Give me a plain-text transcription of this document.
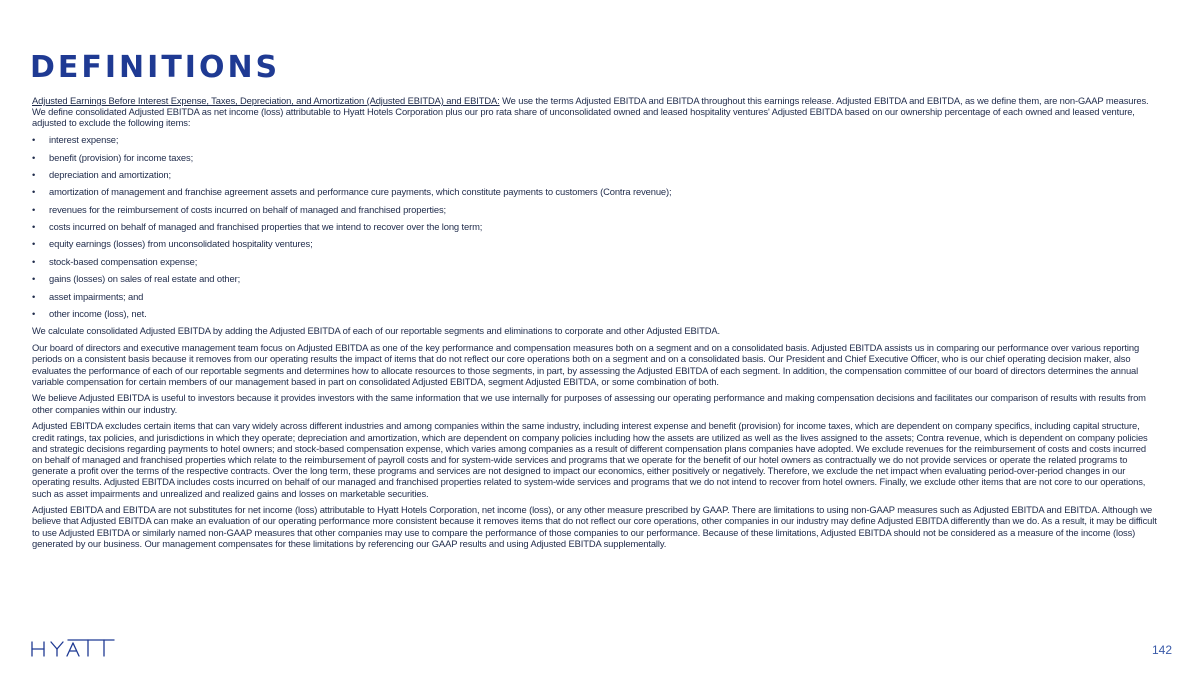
DEFINITIONS

Adjusted Earnings Before Interest Expense, Taxes, Depreciation, and Amortization (Adjusted EBITDA) and EBITDA: We use the terms Adjusted EBITDA and EBITDA throughout this earnings release. Adjusted EBITDA and EBITDA, as we define them, are non-GAAP measures. We define consolidated Adjusted EBITDA as net income (loss) attributable to Hyatt Hotels Corporation plus our pro rata share of unconsolidated owned and leased hospitality ventures' Adjusted EBITDA based on our ownership percentage of each owned and leased venture, adjusted to exclude the following items:

• interest expense;
• benefit (provision) for income taxes;
• depreciation and amortization;
• amortization of management and franchise agreement assets and performance cure payments, which constitute payments to customers (Contra revenue);
• revenues for the reimbursement of costs incurred on behalf of managed and franchised properties;
• costs incurred on behalf of managed and franchised properties that we intend to recover over the long term;
• equity earnings (losses) from unconsolidated hospitality ventures;
• stock-based compensation expense;
• gains (losses) on sales of real estate and other;
• asset impairments; and
• other income (loss), net.

We calculate consolidated Adjusted EBITDA by adding the Adjusted EBITDA of each of our reportable segments and eliminations to corporate and other Adjusted EBITDA.

Our board of directors and executive management team focus on Adjusted EBITDA as one of the key performance and compensation measures both on a segment and on a consolidated basis. Adjusted EBITDA assists us in comparing our performance over various reporting periods on a consistent basis because it removes from our operating results the impact of items that do not reflect our core operations both on a segment and on a consolidated basis. Our President and Chief Executive Officer, who is our chief operating decision maker, also evaluates the performance of each of our reportable segments and determines how to allocate resources to those segments, in part, by assessing the Adjusted EBITDA of each segment. In addition, the compensation committee of our board of directors determines the annual variable compensation for certain members of our management based in part on consolidated Adjusted EBITDA, segment Adjusted EBITDA, or some combination of both.

We believe Adjusted EBITDA is useful to investors because it provides investors with the same information that we use internally for purposes of assessing our operating performance and making compensation decisions and facilitates our comparison of results with results from other companies within our industry.

Adjusted EBITDA excludes certain items that can vary widely across different industries and among companies within the same industry, including interest expense and benefit (provision) for income taxes, which are dependent on company specifics, including capital structure, credit ratings, tax policies, and jurisdictions in which they operate; depreciation and amortization, which are dependent on company policies including how the assets are utilized as well as the lives assigned to the assets; Contra revenue, which is dependent on company policies and strategic decisions regarding payments to hotel owners; and stock-based compensation expense, which varies among companies as a result of different compensation plans companies have adopted. We exclude revenues for the reimbursement of costs and costs incurred on behalf of managed and franchised properties which relate to the reimbursement of payroll costs and for system-wide services and programs that we operate for the benefit of our hotel owners as contractually we do not provide services or operate the related programs to generate a profit over the terms of the respective contracts. Over the long term, these programs and services are not designed to impact our economics, either positively or negatively. Therefore, we exclude the net impact when evaluating period-over-period changes in our operating results. Adjusted EBITDA includes costs incurred on behalf of our managed and franchised properties related to system-wide services and programs that we do not intend to recover from hotel owners. Finally, we exclude other items that are not core to our operations, such as asset impairments and unrealized and realized gains and losses on marketable securities.

Adjusted EBITDA and EBITDA are not substitutes for net income (loss) attributable to Hyatt Hotels Corporation, net income (loss), or any other measure prescribed by GAAP. There are limitations to using non-GAAP measures such as Adjusted EBITDA and EBITDA. Although we believe that Adjusted EBITDA can make an evaluation of our operating performance more consistent because it removes items that do not reflect our core operations, other companies in our industry may define Adjusted EBITDA differently than we do. As a result, it may be difficult to use Adjusted EBITDA or similarly named non-GAAP measures that other companies may use to compare the performance of those companies to our performance. Because of these limitations, Adjusted EBITDA should not be considered as a measure of the income (loss) generated by our business. Our management compensates for these limitations by referencing our GAAP results and using Adjusted EBITDA supplementally.

142
